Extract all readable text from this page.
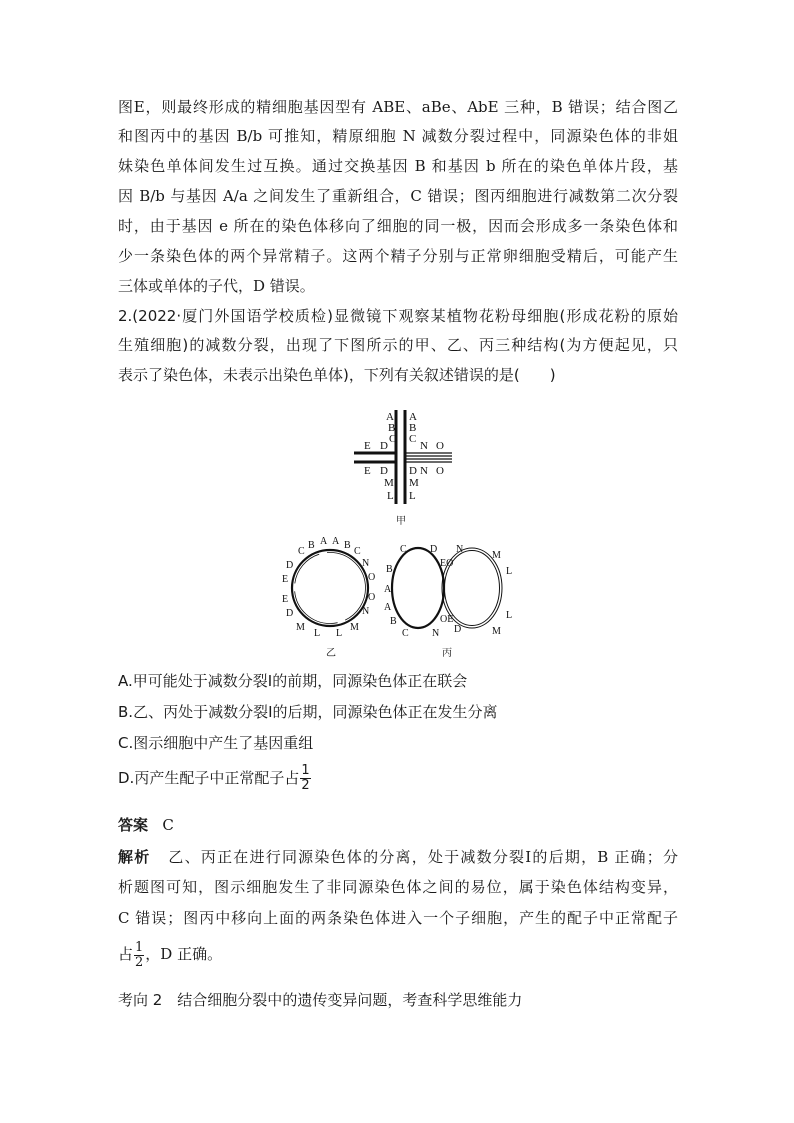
图E，则最终形成的精细胞基因型有 ABE、aBe、AbE 三种，B 错误；结合图乙

和图丙中的基因 B/b 可推知，精原细胞 N 减数分裂过程中，同源染色体的非姐

妹染色单体间发生过互换。通过交换基因 B 和基因 b 所在的染色单体片段，基

因 B/b 与基因 A/a 之间发生了重新组合，C 错误；图丙细胞进行减数第二次分裂

时，由于基因 e 所在的染色体移向了细胞的同一极，因而会形成多一条染色体和

少一条染色体的两个异常精子。这两个精子分别与正常卵细胞受精后，可能产生

三体或单体的子代，D 错误。

2.(2022·厦门外国语学校质检)显微镜下观察某植物花粉母细胞(形成花粉的原始

生殖细胞)的减数分裂，出现了下图所示的甲、乙、丙三种结构(为方便起见，只

表示了染色体，未表示出染色单体)，下列有关叙述错误的是(　　)

A
B
C
A
B
C
E D
E D
N O
N O
M
L
M
L
D
甲
C
B A A B
C
N
O
O
N
M
L
L
M
D
E
E
D
乙
C D
B
A
A
B
C
EO
N
M
L
L
M
D
OE
N
丙

A.甲可能处于减数分裂Ⅰ的前期，同源染色体正在联会

B.乙、丙处于减数分裂Ⅰ的后期，同源染色体正在发生分离

C.图示细胞中产生了基因重组

D.丙产生配子中正常配子占 $\frac{1}{2}$

答案 C

解析 乙、丙正在进行同源染色体的分离，处于减数分裂Ⅰ的后期，B 正确；分

析题图可知，图示细胞发生了非同源染色体之间的易位，属于染色体结构变异，

C 错误；图丙中移向上面的两条染色体进入一个子细胞，产生的配子中正常配子

占 $\frac{1}{2}$ ，D 正确。

考向 2　结合细胞分裂中的遗传变异问题，考查科学思维能力
